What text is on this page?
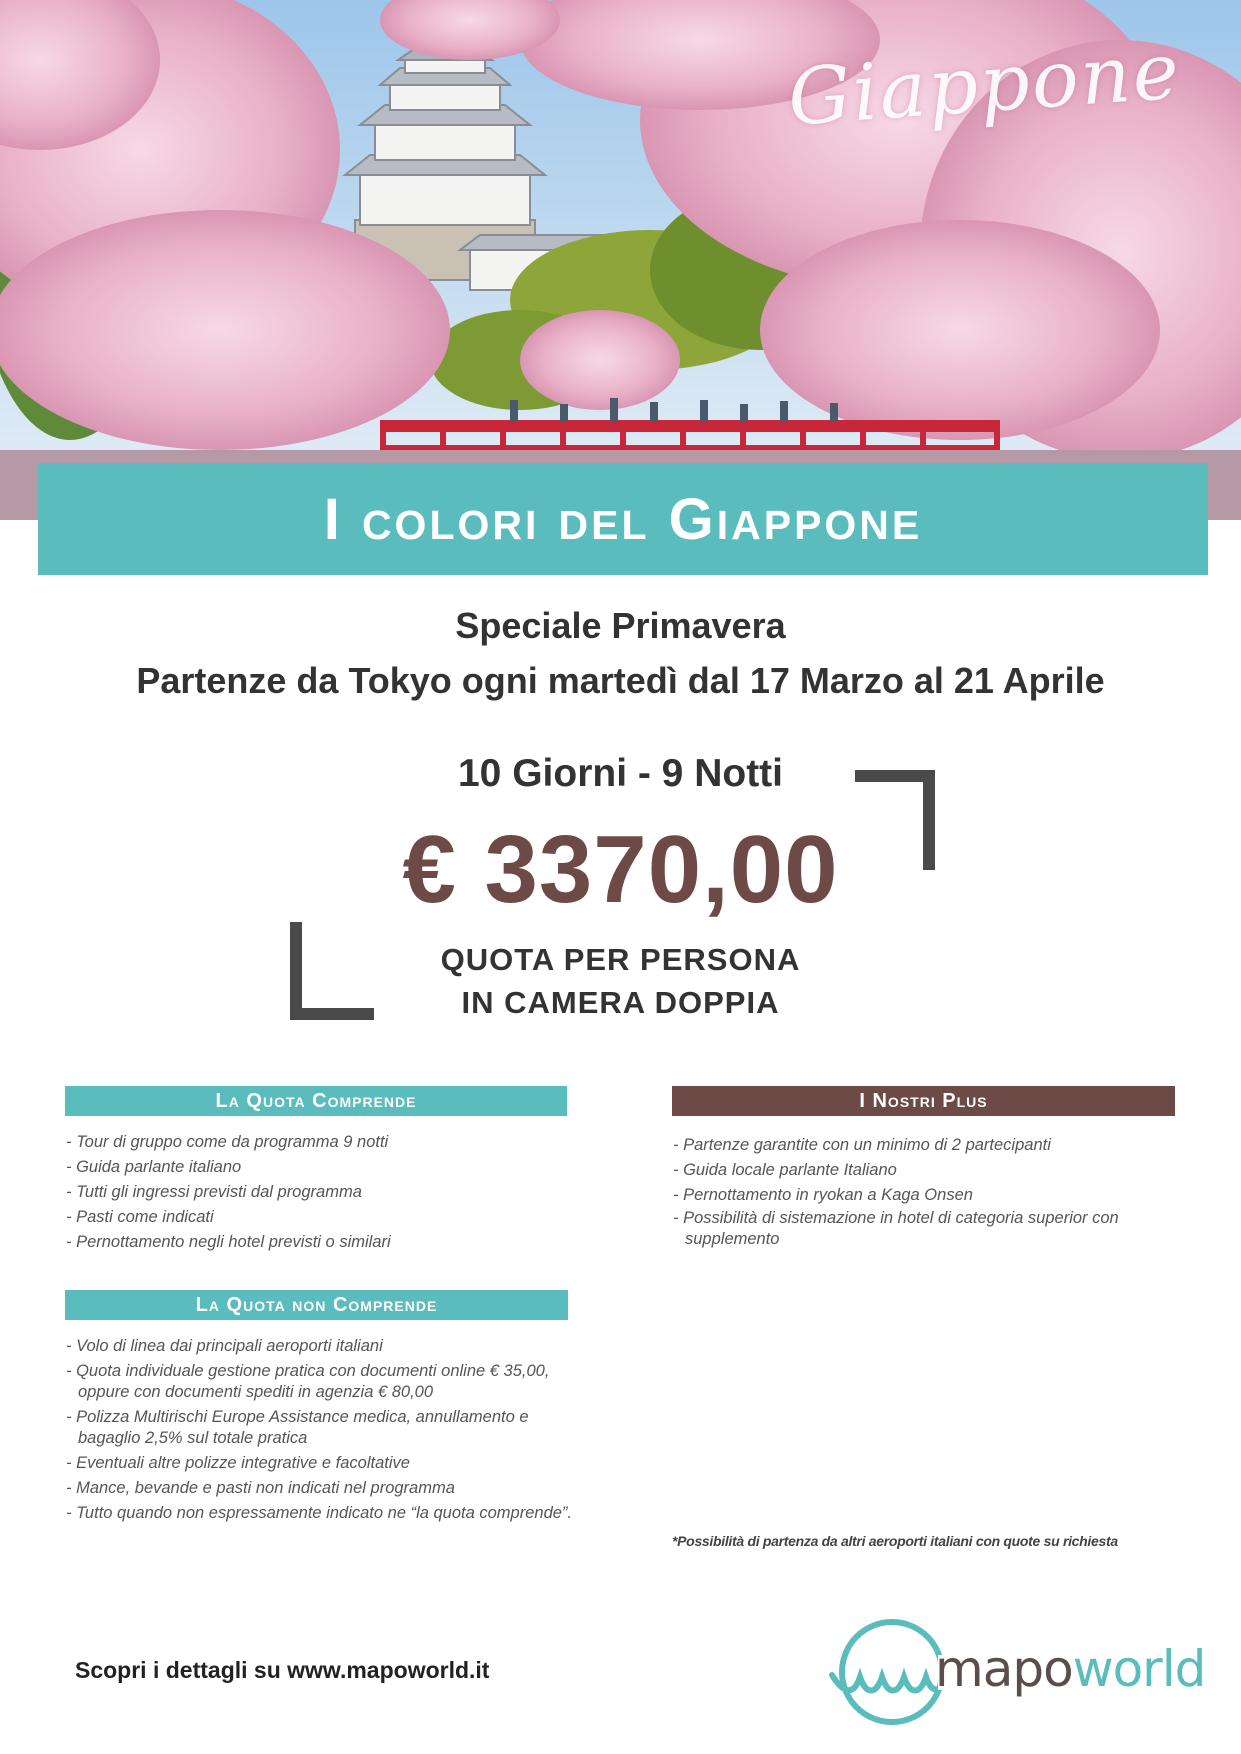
Giappone
I colori del Giappone
Speciale Primavera
Partenze da Tokyo ogni martedì dal 17 Marzo al 21 Aprile
10 Giorni - 9 Notti
€ 3370,00
QUOTA PER PERSONA
IN CAMERA DOPPIA
La Quota Comprende
- Tour di gruppo come da programma 9 notti
- Guida parlante italiano
- Tutti gli ingressi previsti dal programma
- Pasti come indicati
- Pernottamento negli hotel previsti o similari
La Quota non Comprende
- Volo di linea dai principali aeroporti italiani
- Quota individuale gestione pratica con documenti online € 35,00, oppure con documenti spediti in agenzia € 80,00
- Polizza Multirischi Europe Assistance medica, annullamento e bagaglio 2,5% sul totale pratica
- Eventuali altre polizze integrative e facoltative
- Mance, bevande e pasti non indicati nel programma
- Tutto quando non espressamente indicato ne “la quota comprende”.
I Nostri Plus
- Partenze garantite con un minimo di 2 partecipanti
- Guida locale parlante Italiano
- Pernottamento in ryokan a Kaga Onsen
- Possibilità di sistemazione in hotel di categoria superior con supplemento
*Possibilità di partenza da altri aeroporti italiani con quote su richiesta
Scopri i dettagli su www.mapoworld.it	mapoworld
